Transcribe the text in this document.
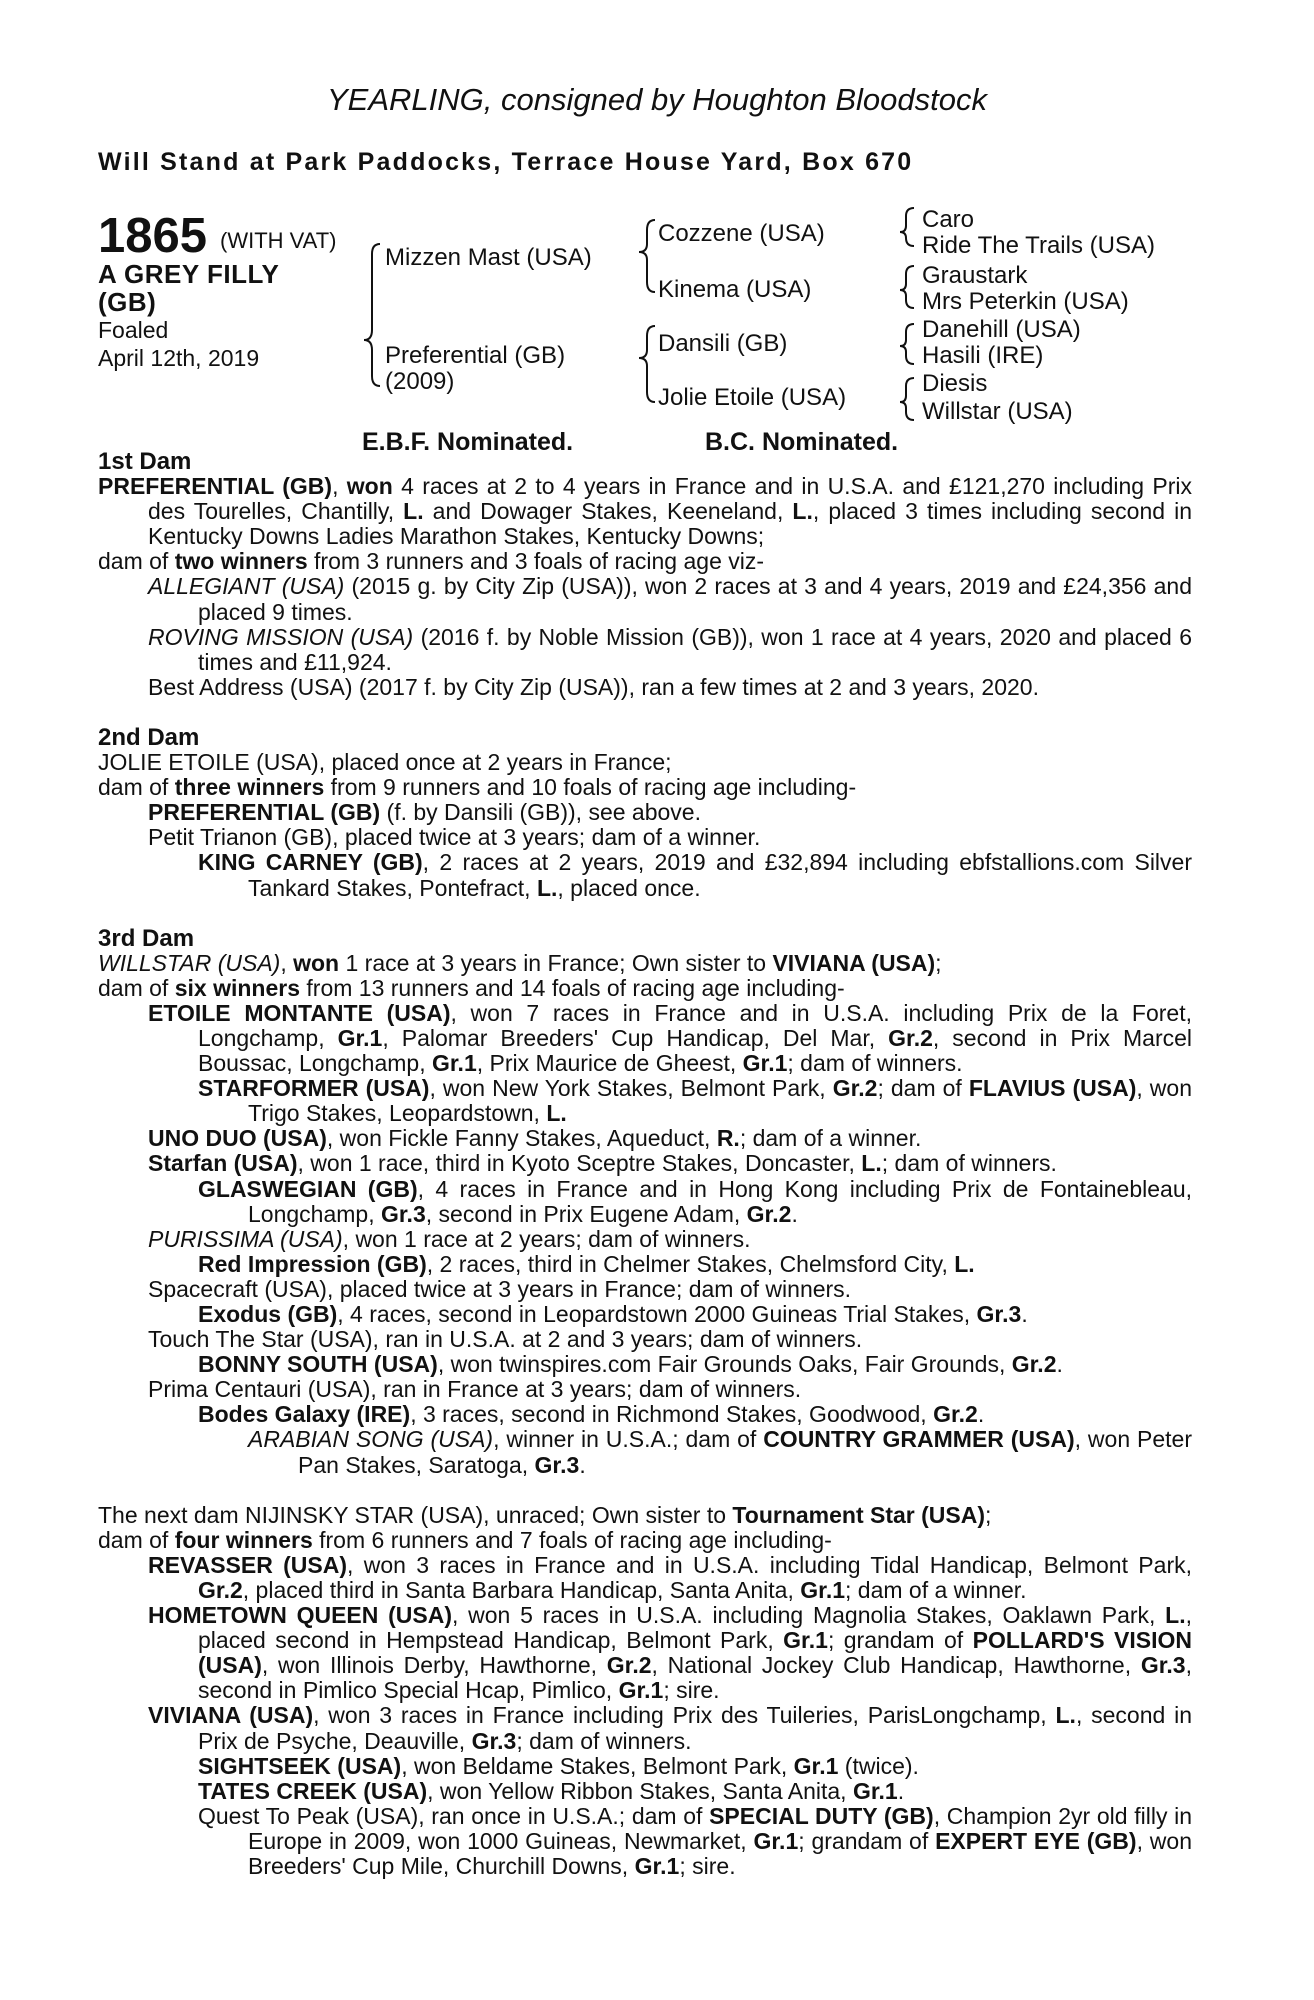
YEARLING, consigned by Houghton Bloodstock
Will Stand at Park Paddocks, Terrace House Yard, Box 670
1865 (WITH VAT)
A GREY FILLY
(GB)
Foaled
April 12th, 2019
Mizzen Mast (USA)
Preferential (GB)
(2009)
Cozzene (USA)
Kinema (USA)
Dansili (GB)
Jolie Etoile (USA)
Caro
Ride The Trails (USA)
Graustark
Mrs Peterkin (USA)
Danehill (USA)
Hasili (IRE)
Diesis
Willstar (USA)
E.B.F. Nominated.	B.C. Nominated.

1st Dam

PREFERENTIAL (GB), won 4 races at 2 to 4 years in France and in U.S.A. and £121,270 including Prix des Tourelles, Chantilly, L. and Dowager Stakes, Keeneland, L., placed 3 times including second in Kentucky Downs Ladies Marathon Stakes, Kentucky Downs;

dam of two winners from 3 runners and 3 foals of racing age viz-

ALLEGIANT (USA) (2015 g. by City Zip (USA)), won 2 races at 3 and 4 years, 2019 and £24,356 and placed 9 times.

ROVING MISSION (USA) (2016 f. by Noble Mission (GB)), won 1 race at 4 years, 2020 and placed 6 times and £11,924.

Best Address (USA) (2017 f. by City Zip (USA)), ran a few times at 2 and 3 years, 2020.

2nd Dam

JOLIE ETOILE (USA), placed once at 2 years in France;

dam of three winners from 9 runners and 10 foals of racing age including-

PREFERENTIAL (GB) (f. by Dansili (GB)), see above.

Petit Trianon (GB), placed twice at 3 years; dam of a winner.

KING CARNEY (GB), 2 races at 2 years, 2019 and £32,894 including ebfstallions.com Silver Tankard Stakes, Pontefract, L., placed once.

3rd Dam

WILLSTAR (USA), won 1 race at 3 years in France; Own sister to VIVIANA (USA);

dam of six winners from 13 runners and 14 foals of racing age including-

ETOILE MONTANTE (USA), won 7 races in France and in U.S.A. including Prix de la Foret, Longchamp, Gr.1, Palomar Breeders' Cup Handicap, Del Mar, Gr.2, second in Prix Marcel Boussac, Longchamp, Gr.1, Prix Maurice de Gheest, Gr.1; dam of winners.

STARFORMER (USA), won New York Stakes, Belmont Park, Gr.2; dam of FLAVIUS (USA), won Trigo Stakes, Leopardstown, L.

UNO DUO (USA), won Fickle Fanny Stakes, Aqueduct, R.; dam of a winner.

Starfan (USA), won 1 race, third in Kyoto Sceptre Stakes, Doncaster, L.; dam of winners.

GLASWEGIAN (GB), 4 races in France and in Hong Kong including Prix de Fontainebleau, Longchamp, Gr.3, second in Prix Eugene Adam, Gr.2.

PURISSIMA (USA), won 1 race at 2 years; dam of winners.

Red Impression (GB), 2 races, third in Chelmer Stakes, Chelmsford City, L.

Spacecraft (USA), placed twice at 3 years in France; dam of winners.

Exodus (GB), 4 races, second in Leopardstown 2000 Guineas Trial Stakes, Gr.3.

Touch The Star (USA), ran in U.S.A. at 2 and 3 years; dam of winners.

BONNY SOUTH (USA), won twinspires.com Fair Grounds Oaks, Fair Grounds, Gr.2.

Prima Centauri (USA), ran in France at 3 years; dam of winners.

Bodes Galaxy (IRE), 3 races, second in Richmond Stakes, Goodwood, Gr.2.

ARABIAN SONG (USA), winner in U.S.A.; dam of COUNTRY GRAMMER (USA), won Peter Pan Stakes, Saratoga, Gr.3.

The next dam NIJINSKY STAR (USA), unraced; Own sister to Tournament Star (USA);

dam of four winners from 6 runners and 7 foals of racing age including-

REVASSER (USA), won 3 races in France and in U.S.A. including Tidal Handicap, Belmont Park, Gr.2, placed third in Santa Barbara Handicap, Santa Anita, Gr.1; dam of a winner.

HOMETOWN QUEEN (USA), won 5 races in U.S.A. including Magnolia Stakes, Oaklawn Park, L., placed second in Hempstead Handicap, Belmont Park, Gr.1; grandam of POLLARD'S VISION (USA), won Illinois Derby, Hawthorne, Gr.2, National Jockey Club Handicap, Hawthorne, Gr.3, second in Pimlico Special Hcap, Pimlico, Gr.1; sire.

VIVIANA (USA), won 3 races in France including Prix des Tuileries, ParisLongchamp, L., second in Prix de Psyche, Deauville, Gr.3; dam of winners.

SIGHTSEEK (USA), won Beldame Stakes, Belmont Park, Gr.1 (twice).

TATES CREEK (USA), won Yellow Ribbon Stakes, Santa Anita, Gr.1.

Quest To Peak (USA), ran once in U.S.A.; dam of SPECIAL DUTY (GB), Champion 2yr old filly in Europe in 2009, won 1000 Guineas, Newmarket, Gr.1; grandam of EXPERT EYE (GB), won Breeders' Cup Mile, Churchill Downs, Gr.1; sire.
